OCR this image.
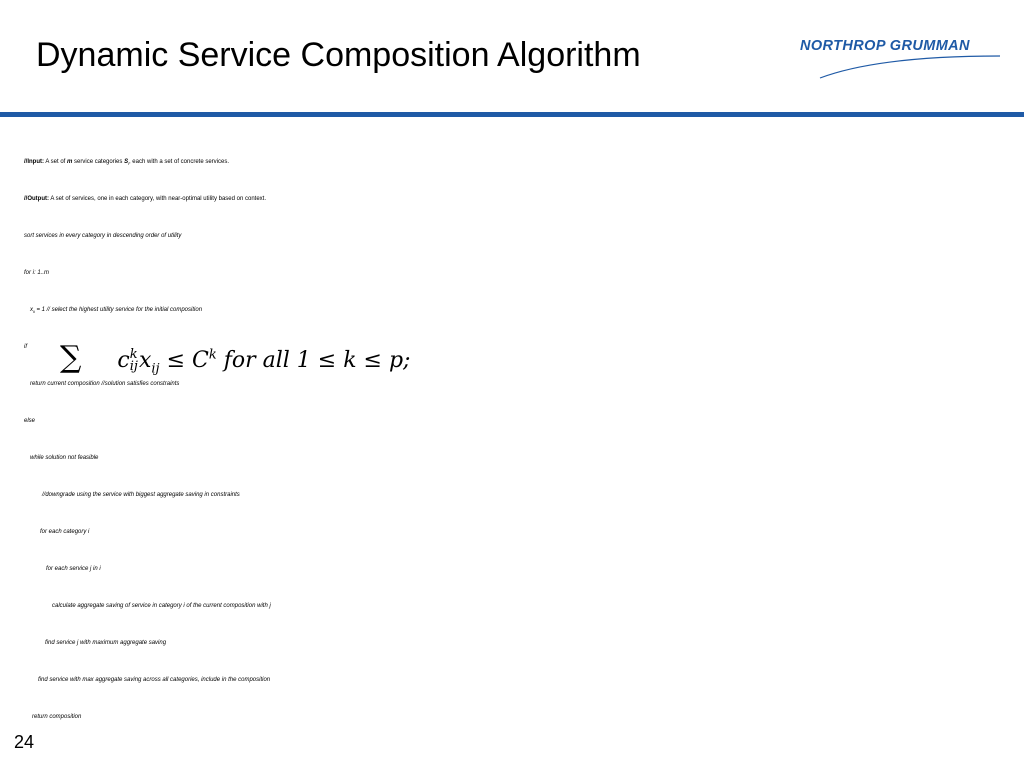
Dynamic Service Composition Algorithm	NORTHROP GRUMMAN
//Input: A set of m service categories $S_i$, each with a set of concrete services.
//Output: A set of services, one in each category, with near-optimal utility based on context.
sort services in every category in descending order of utility
for i: 1..m
$x_{ii} = 1$ // select the highest utility service for the initial composition
if ∑ c k
ij $x_{ij} \le C^k$ for all 1 ≤ k ≤ p;
return current composition //solution satisfies constraints
else
while solution not feasible
//downgrade using the service with biggest aggregate saving in constraints
for each category i
for each service j in i
calculate aggregate saving of service in category i of the current composition with j
find service j with maximum aggregate saving
find service with max aggregate saving across all categories, include in the composition
return composition
24
